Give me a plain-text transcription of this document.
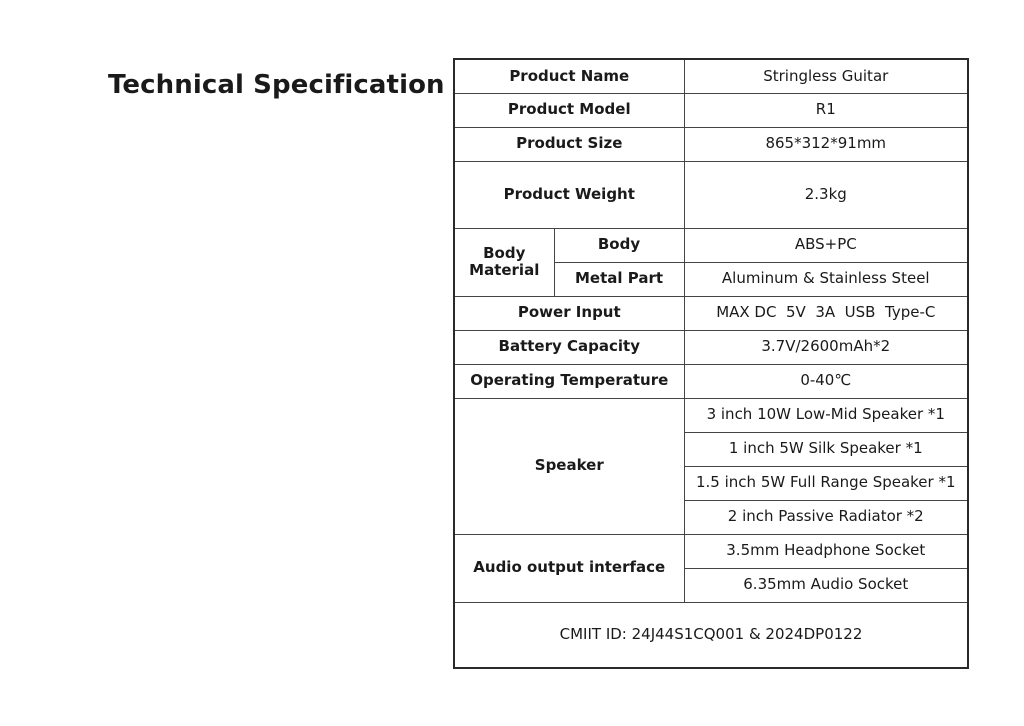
Technical Specification	Product Name		Stringless Guitar
Product Model		R1
Product Size		865*312*91mm
Product Weight		2.3kg
Body Material	Body	ABS+PC
	Metal Part	Aluminum & Stainless Steel
Power Input		MAX DC  5V  3A  USB  Type-C
Battery Capacity		3.7V/2600mAh*2
Operating Temperature		0-40℃
Speaker		3 inch 10W Low-Mid Speaker *1
		1 inch 5W Silk Speaker *1
		1.5 inch 5W Full Range Speaker *1
		2 inch Passive Radiator *2
Audio output interface		3.5mm Headphone Socket
		6.35mm Audio Socket
CMIIT ID: 24J44S1CQ001 & 2024DP0122		
